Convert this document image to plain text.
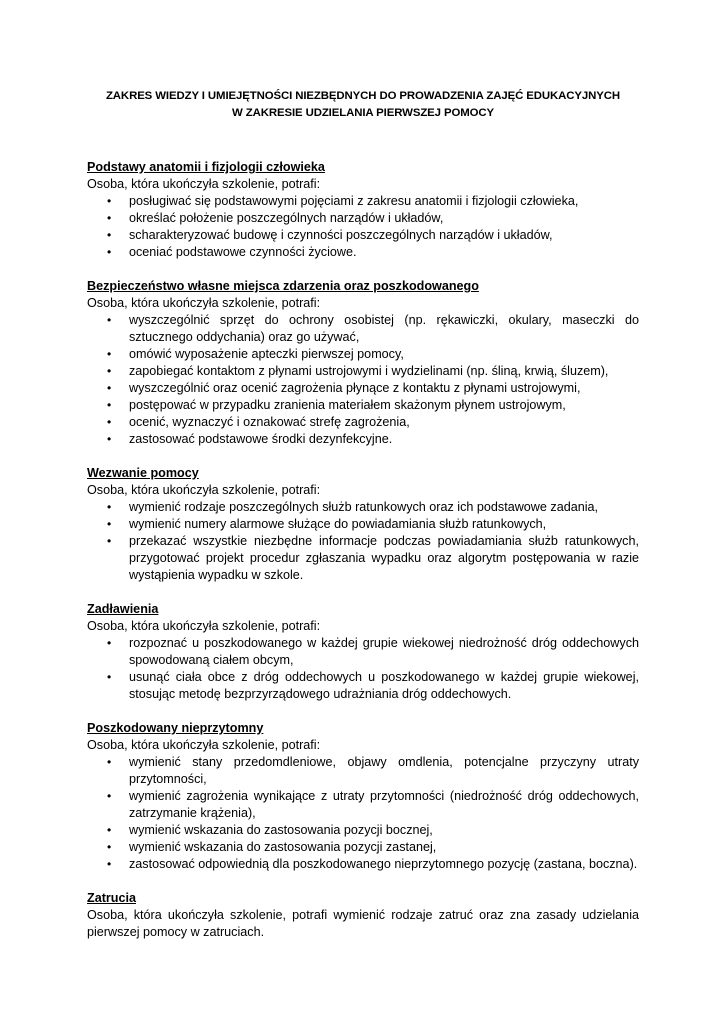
ZAKRES WIEDZY I UMIEJĘTNOŚCI NIEZBĘDNYCH DO PROWADZENIA ZAJĘĆ EDUKACYJNYCH
W ZAKRESIE UDZIELANIA PIERWSZEJ POMOCY
Podstawy anatomii i fizjologii człowieka
Osoba, która ukończyła szkolenie, potrafi:
• posługiwać się podstawowymi pojęciami z zakresu anatomii i fizjologii człowieka,
• określać położenie poszczególnych narządów i układów,
• scharakteryzować budowę i czynności poszczególnych narządów i układów,
• oceniać podstawowe czynności życiowe.
Bezpieczeństwo własne miejsca zdarzenia oraz poszkodowanego
Osoba, która ukończyła szkolenie, potrafi:
• wyszczególnić sprzęt do ochrony osobistej (np. rękawiczki, okulary, maseczki do sztucznego oddychania) oraz go używać,
• omówić wyposażenie apteczki pierwszej pomocy,
• zapobiegać kontaktom z płynami ustrojowymi i wydzielinami (np. śliną, krwią, śluzem),
• wyszczególnić oraz ocenić zagrożenia płynące z kontaktu z płynami ustrojowymi,
• postępować w przypadku zranienia materiałem skażonym płynem ustrojowym,
• ocenić, wyznaczyć i oznakować strefę zagrożenia,
• zastosować podstawowe środki dezynfekcyjne.
Wezwanie pomocy
Osoba, która ukończyła szkolenie, potrafi:
• wymienić rodzaje poszczególnych służb ratunkowych oraz ich podstawowe zadania,
• wymienić numery alarmowe służące do powiadamiania służb ratunkowych,
• przekazać wszystkie niezbędne informacje podczas powiadamiania służb ratunkowych, przygotować projekt procedur zgłaszania wypadku oraz algorytm postępowania w razie wystąpienia wypadku w szkole.
Zadławienia
Osoba, która ukończyła szkolenie, potrafi:
• rozpoznać u poszkodowanego w każdej grupie wiekowej niedrożność dróg oddechowych spowodowaną ciałem obcym,
• usunąć ciała obce z dróg oddechowych u poszkodowanego w każdej grupie wiekowej, stosując metodę bezprzyrządowego udrażniania dróg oddechowych.
Poszkodowany nieprzytomny
Osoba, która ukończyła szkolenie, potrafi:
• wymienić stany przedomdleniowe, objawy omdlenia, potencjalne przyczyny utraty przytomności,
• wymienić zagrożenia wynikające z utraty przytomności (niedrożność dróg oddechowych, zatrzymanie krążenia),
• wymienić wskazania do zastosowania pozycji bocznej,
• wymienić wskazania do zastosowania pozycji zastanej,
• zastosować odpowiednią dla poszkodowanego nieprzytomnego pozycję (zastana, boczna).
Zatrucia
Osoba, która ukończyła szkolenie, potrafi wymienić rodzaje zatruć oraz zna zasady udzielania pierwszej pomocy w zatruciach.
